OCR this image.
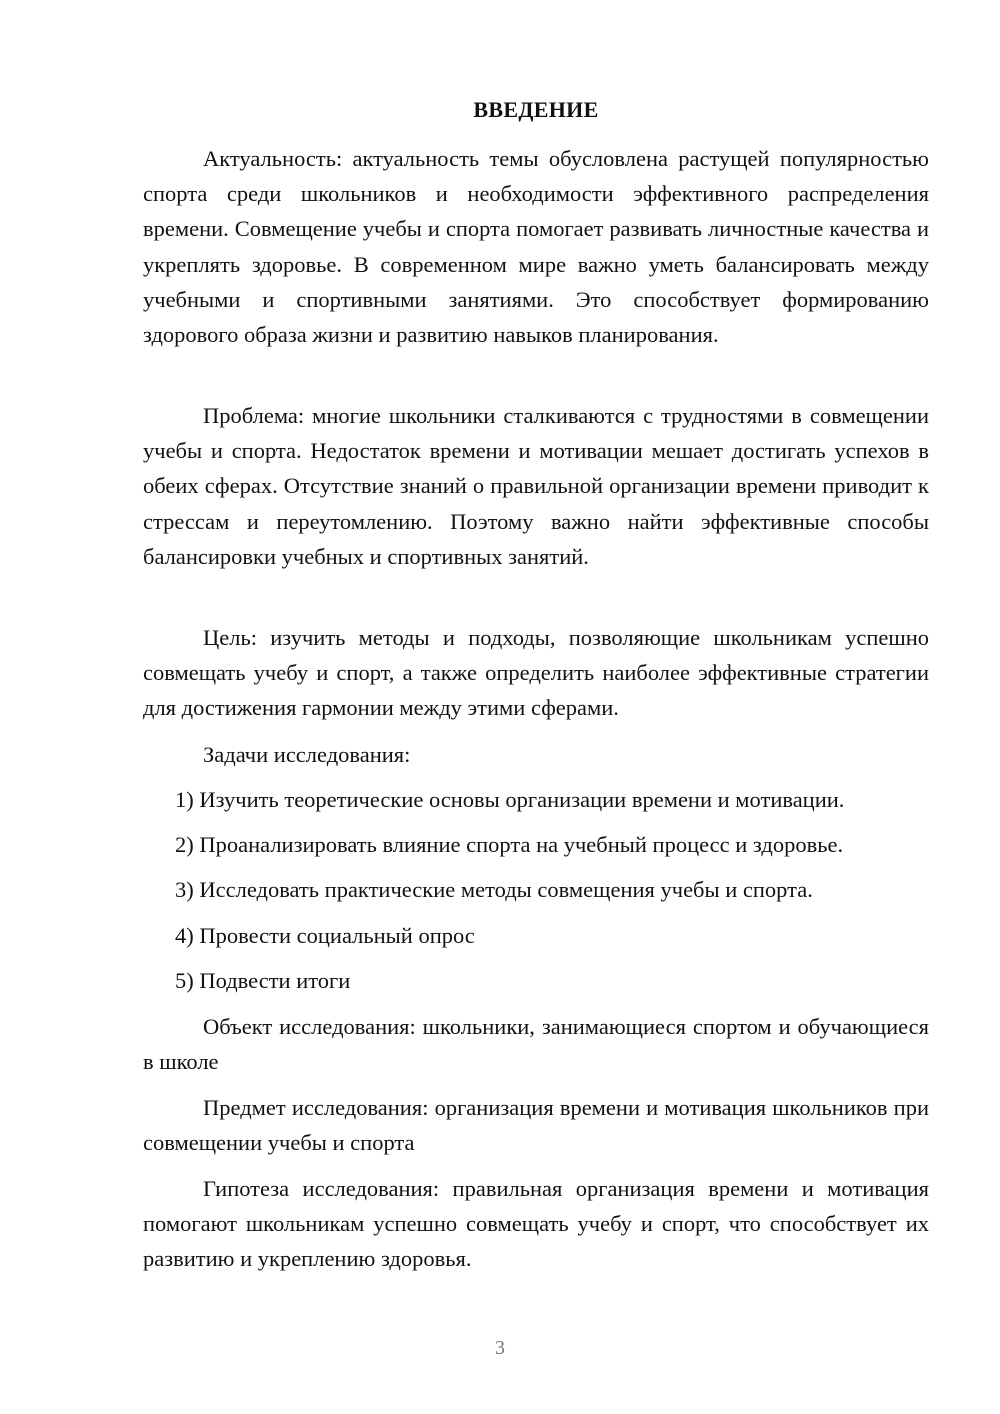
ВВЕДЕНИЕ

Актуальность: актуальность темы обусловлена растущей популярностью спорта среди школьников и необходимости эффективного распределения времени. Совмещение учебы и спорта помогает развивать личностные качества и укреплять здоровье. В современном мире важно уметь балансировать между учебными и спортивными занятиями. Это способствует формированию здорового образа жизни и развитию навыков планирования.

Проблема: многие школьники сталкиваются с трудностями в совмещении учебы и спорта. Недостаток времени и мотивации мешает достигать успехов в обеих сферах. Отсутствие знаний о правильной организации времени приводит к стрессам и переутомлению. Поэтому важно найти эффективные способы балансировки учебных и спортивных занятий.

Цель: изучить методы и подходы, позволяющие школьникам успешно совмещать учебу и спорт, а также определить наиболее эффективные стратегии для достижения гармонии между этими сферами.

Задачи исследования:

1) Изучить теоретические основы организации времени и мотивации.

2) Проанализировать влияние спорта на учебный процесс и здоровье.

3) Исследовать практические методы совмещения учебы и спорта.

4) Провести социальный опрос

5) Подвести итоги

Объект исследования: школьники, занимающиеся спортом и обучающиеся в школе

Предмет исследования: организация времени и мотивация школьников при совмещении учебы и спорта

Гипотеза исследования: правильная организация времени и мотивация помогают школьникам успешно совмещать учебу и спорт, что способствует их развитию и укреплению здоровья.

3
